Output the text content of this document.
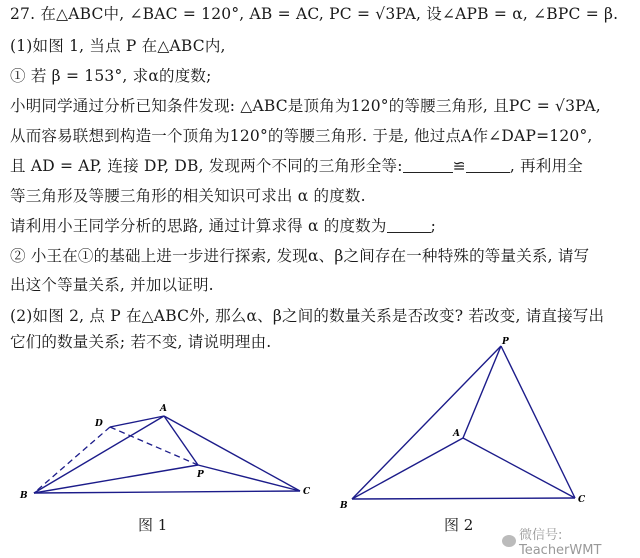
27. 在△ABC中, ∠BAC = 120°, AB = AC, PC = √3PA, 设∠APB = α, ∠BPC = β.
(1)如图 1, 当点 P 在△ABC内,
① 若 β = 153°, 求α的度数;
小明同学通过分析已知条件发现: △ABC是顶角为120°的等腰三角形, 且PC = √3PA,
从而容易联想到构造一个顶角为120°的等腰三角形. 于是, 他过点A作∠DAP=120°,
且 AD = AP, 连接 DP, DB, 发现两个不同的三角形全等:	≌	, 再利用全
等三角形及等腰三角形的相关知识可求出 α 的度数.
请利用小王同学分析的思路, 通过计算求得 α 的度数为	;
② 小王在①的基础上进一步进行探索, 发现α、β之间存在一种特殊的等量关系, 请写
出这个等量关系, 并加以证明.
(2)如图 2, 点 P 在△ABC外, 那么α、β之间的数量关系是否改变? 若改变, 请直接写出
它们的数量关系; 若不变, 请说明理由.
A
B	C
D
P
图 1
A
B
C
P
图 2
微信号: TeacherWMT
